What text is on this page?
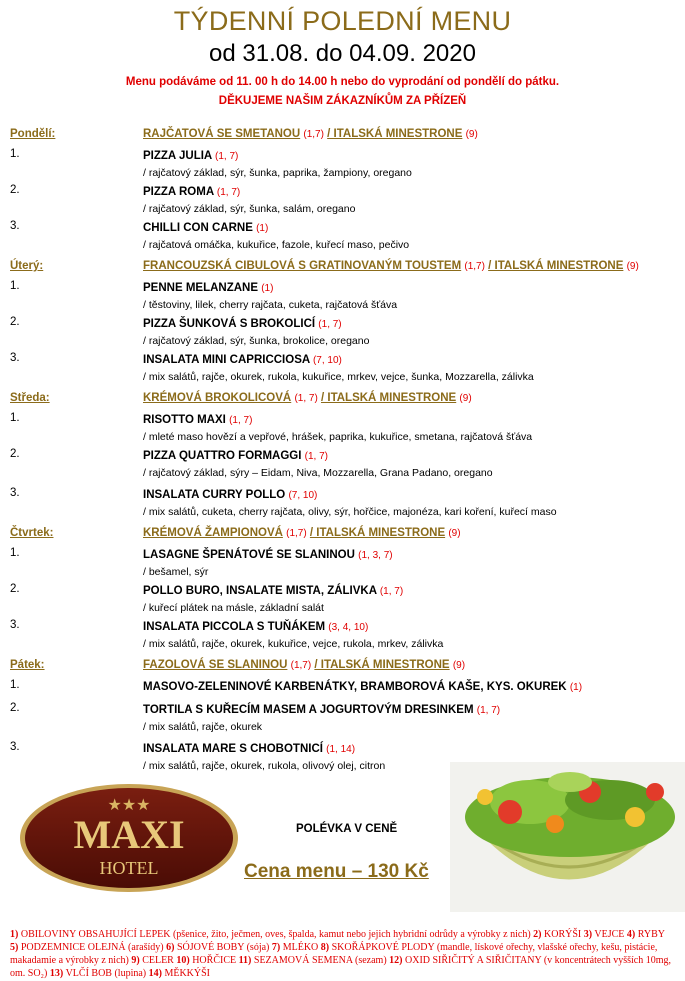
TÝDENNÍ POLEDNÍ MENU
od 31.08. do 04.09. 2020
Menu podáváme od 11. 00 h do 14.00 h nebo do vyprodání od pondělí do pátku.
DĚKUJEME NAŠIM ZÁKAZNÍKŮM ZA PŘÍZEŇ
Pondělí:	RAJČATOVÁ SE SMETANOU (1,7) / ITALSKÁ MINESTRONE (9)
1.	PIZZA JULIA (1, 7)
/ rajčatový základ, sýr, šunka, paprika, žampiony, oregano
2.	PIZZA ROMA (1, 7)
/ rajčatový základ, sýr, šunka, salám, oregano
3.	CHILLI CON CARNE (1)
/ rajčatová omáčka, kukuřice, fazole, kuřecí maso, pečivo
Úterý:	FRANCOUZSKÁ CIBULOVÁ S GRATINOVANÝM TOUSTEM (1,7) / ITALSKÁ MINESTRONE (9)
1.	PENNE MELANZANE (1)
/ těstoviny, lilek, cherry rajčata, cuketa, rajčatová šťáva
2.	PIZZA ŠUNKOVÁ S BROKOLICÍ (1, 7)
/ rajčatový základ, sýr, šunka, brokolice, oregano
3.	INSALATA MINI CAPRICCIOSA (7, 10)
/ mix salátů, rajče, okurek, rukola, kukuřice, mrkev, vejce, šunka, Mozzarella, zálivka
Středa:	KRÉMOVÁ BROKOLICOVÁ (1, 7) / ITALSKÁ MINESTRONE (9)
1.	RISOTTO MAXI (1, 7)
/ mleté maso hovězí a vepřové, hrášek, paprika, kukuřice, smetana, rajčatová šťáva
2.	PIZZA QUATTRO FORMAGGI (1, 7)
/ rajčatový základ, sýry – Eidam, Niva, Mozzarella, Grana Padano, oregano
3.	INSALATA CURRY POLLO (7, 10)
/ mix salátů, cuketa, cherry rajčata, olivy, sýr, hořčice, majonéza, kari koření, kuřecí maso
Čtvrtek:	KRÉMOVÁ ŽAMPIONOVÁ (1,7) / ITALSKÁ MINESTRONE (9)
1.	LASAGNE ŠPENÁTOVÉ SE SLANINOU (1, 3, 7)
/ bešamel, sýr
2.	POLLO BURO, INSALATE MISTA, ZÁLIVKA (1, 7)
/ kuřecí plátek na másle, základní salát
3.	INSALATA PICCOLA S TUŇÁKEM (3, 4, 10)
/ mix salátů, rajče, okurek, kukuřice, vejce, rukola, mrkev, zálivka
Pátek:	FAZOLOVÁ SE SLANINOU (1,7) / ITALSKÁ MINESTRONE (9)
1.	MASOVO-ZELENINOVÉ KARBENÁTKY, BRAMBOROVÁ KAŠE, KYS. OKUREK (1)
2.	TORTILA S KUŘECÍM MASEM A JOGURTOVÝM DRESINKEM (1, 7)
/ mix salátů, rajče, okurek
3.	INSALATA MARE S CHOBOTNICÍ (1, 14)
/ mix salátů, rajče, okurek, rukola, olivový olej, citron
★★★
MAXI
HOTEL
POLÉVKA V CENĚ
Cena menu – 130 Kč
1) OBILOVINY OBSAHUJÍCÍ LEPEK (pšenice, žito, ječmen, oves, špalda, kamut nebo jejich hybridní odrůdy a výrobky z nich) 2) KORÝŠI 3) VEJCE 4) RYBY 5) PODZEMNICE OLEJNÁ (arašídy) 6) SÓJOVÉ BOBY (sója) 7) MLÉKO 8) SKOŘÁPKOVÉ PLODY (mandle, lískové ořechy, vlašské ořechy, kešu, pistácie, makadamie a výrobky z nich) 9) CELER 10) HOŘČICE 11) SEZAMOVÁ SEMENA (sezam) 12) OXID SIŘIČITÝ A SIŘIČITANY (v koncentrátech vyšších 10mg, om. SO₂) 13) VLČÍ BOB (lupina) 14) MĚKKÝŠI
